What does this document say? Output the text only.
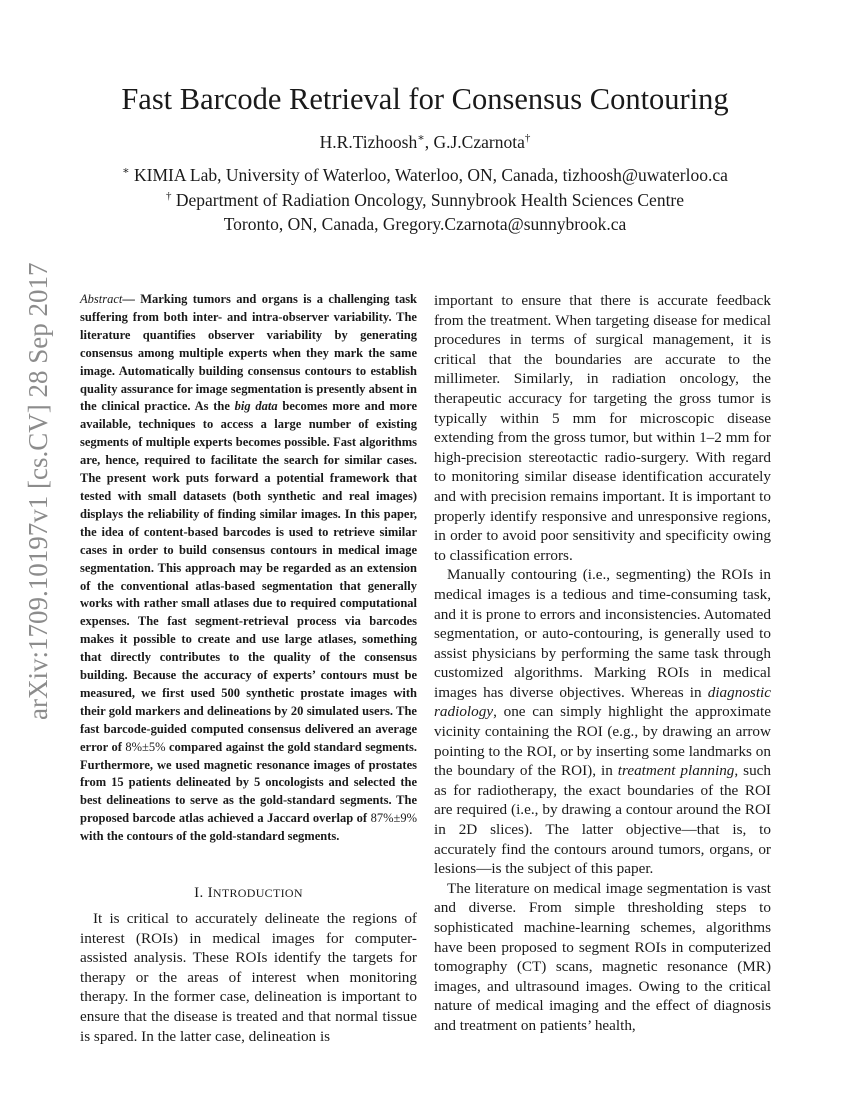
Fast Barcode Retrieval for Consensus Contouring
H.R.Tizhoosh∗, G.J.Czarnota†
∗ KIMIA Lab, University of Waterloo, Waterloo, ON, Canada, tizhoosh@uwaterloo.ca
† Department of Radiation Oncology, Sunnybrook Health Sciences Centre
Toronto, ON, Canada, Gregory.Czarnota@sunnybrook.ca
arXiv:1709.10197v1 [cs.CV] 28 Sep 2017 Abstract— Marking tumors and organs is a challenging task suffering from both inter- and intra-observer variability. The literature quantifies observer variability by generating consensus among multiple experts when they mark the same image. Automatically building consensus contours to establish quality assurance for image segmentation is presently absent in the clinical practice. As the big data becomes more and more available, techniques to access a large number of existing segments of multiple experts becomes possible. Fast algorithms are, hence, required to facilitate the search for similar cases. The present work puts forward a potential framework that tested with small datasets (both synthetic and real images) displays the reliability of finding similar images. In this paper, the idea of content-based barcodes is used to retrieve similar cases in order to build consensus contours in medical image segmentation. This approach may be regarded as an extension of the conventional atlas-based segmentation that generally works with rather small atlases due to required computational expenses. The fast segment-retrieval process via barcodes makes it possible to create and use large atlases, something that directly contributes to the quality of the consensus building. Because the accuracy of experts’ contours must be measured, we first used 500 synthetic prostate images with their gold markers and delineations by 20 simulated users. The fast barcode-guided computed consensus delivered an average error of 8%±5% compared against the gold standard segments. Furthermore, we used magnetic resonance images of prostates from 15 patients delineated by 5 oncologists and selected the best delineations to serve as the gold-standard segments. The proposed barcode atlas achieved a Jaccard overlap of 87%±9% with the contours of the gold-standard segments.

I. INTRODUCTION

It is critical to accurately delineate the regions of interest (ROIs) in medical images for computer-assisted analysis. These ROIs identify the targets for therapy or the areas of interest when monitoring therapy. In the former case, delineation is important to ensure that the disease is treated and that normal tissue is spared. In the latter case, delineation is

important to ensure that there is accurate feedback from the treatment. When targeting disease for medical procedures in terms of surgical management, it is critical that the boundaries are accurate to the millimeter. Similarly, in radiation oncology, the therapeutic accuracy for targeting the gross tumor is typically within 5 mm for microscopic disease extending from the gross tumor, but within 1–2 mm for high-precision stereotactic radio-surgery. With regard to monitoring similar disease identification accurately and with precision remains important. It is important to properly identify responsive and unresponsive regions, in order to avoid poor sensitivity and specificity owing to classification errors.

Manually contouring (i.e., segmenting) the ROIs in medical images is a tedious and time-consuming task, and it is prone to errors and inconsistencies. Automated segmentation, or auto-contouring, is generally used to assist physicians by performing the same task through customized algorithms. Marking ROIs in medical images has diverse objectives. Whereas in diagnostic radiology, one can simply highlight the approximate vicinity containing the ROI (e.g., by drawing an arrow pointing to the ROI, or by inserting some landmarks on the boundary of the ROI), in treatment planning, such as for radiotherapy, the exact boundaries of the ROI are required (i.e., by drawing a contour around the ROI in 2D slices). The latter objective—that is, to accurately find the contours around tumors, organs, or lesions—is the subject of this paper.

The literature on medical image segmentation is vast and diverse. From simple thresholding steps to sophisticated machine-learning schemes, algorithms have been proposed to segment ROIs in computerized tomography (CT) scans, magnetic resonance (MR) images, and ultrasound images. Owing to the critical nature of medical imaging and the effect of diagnosis and treatment on patients’ health,
